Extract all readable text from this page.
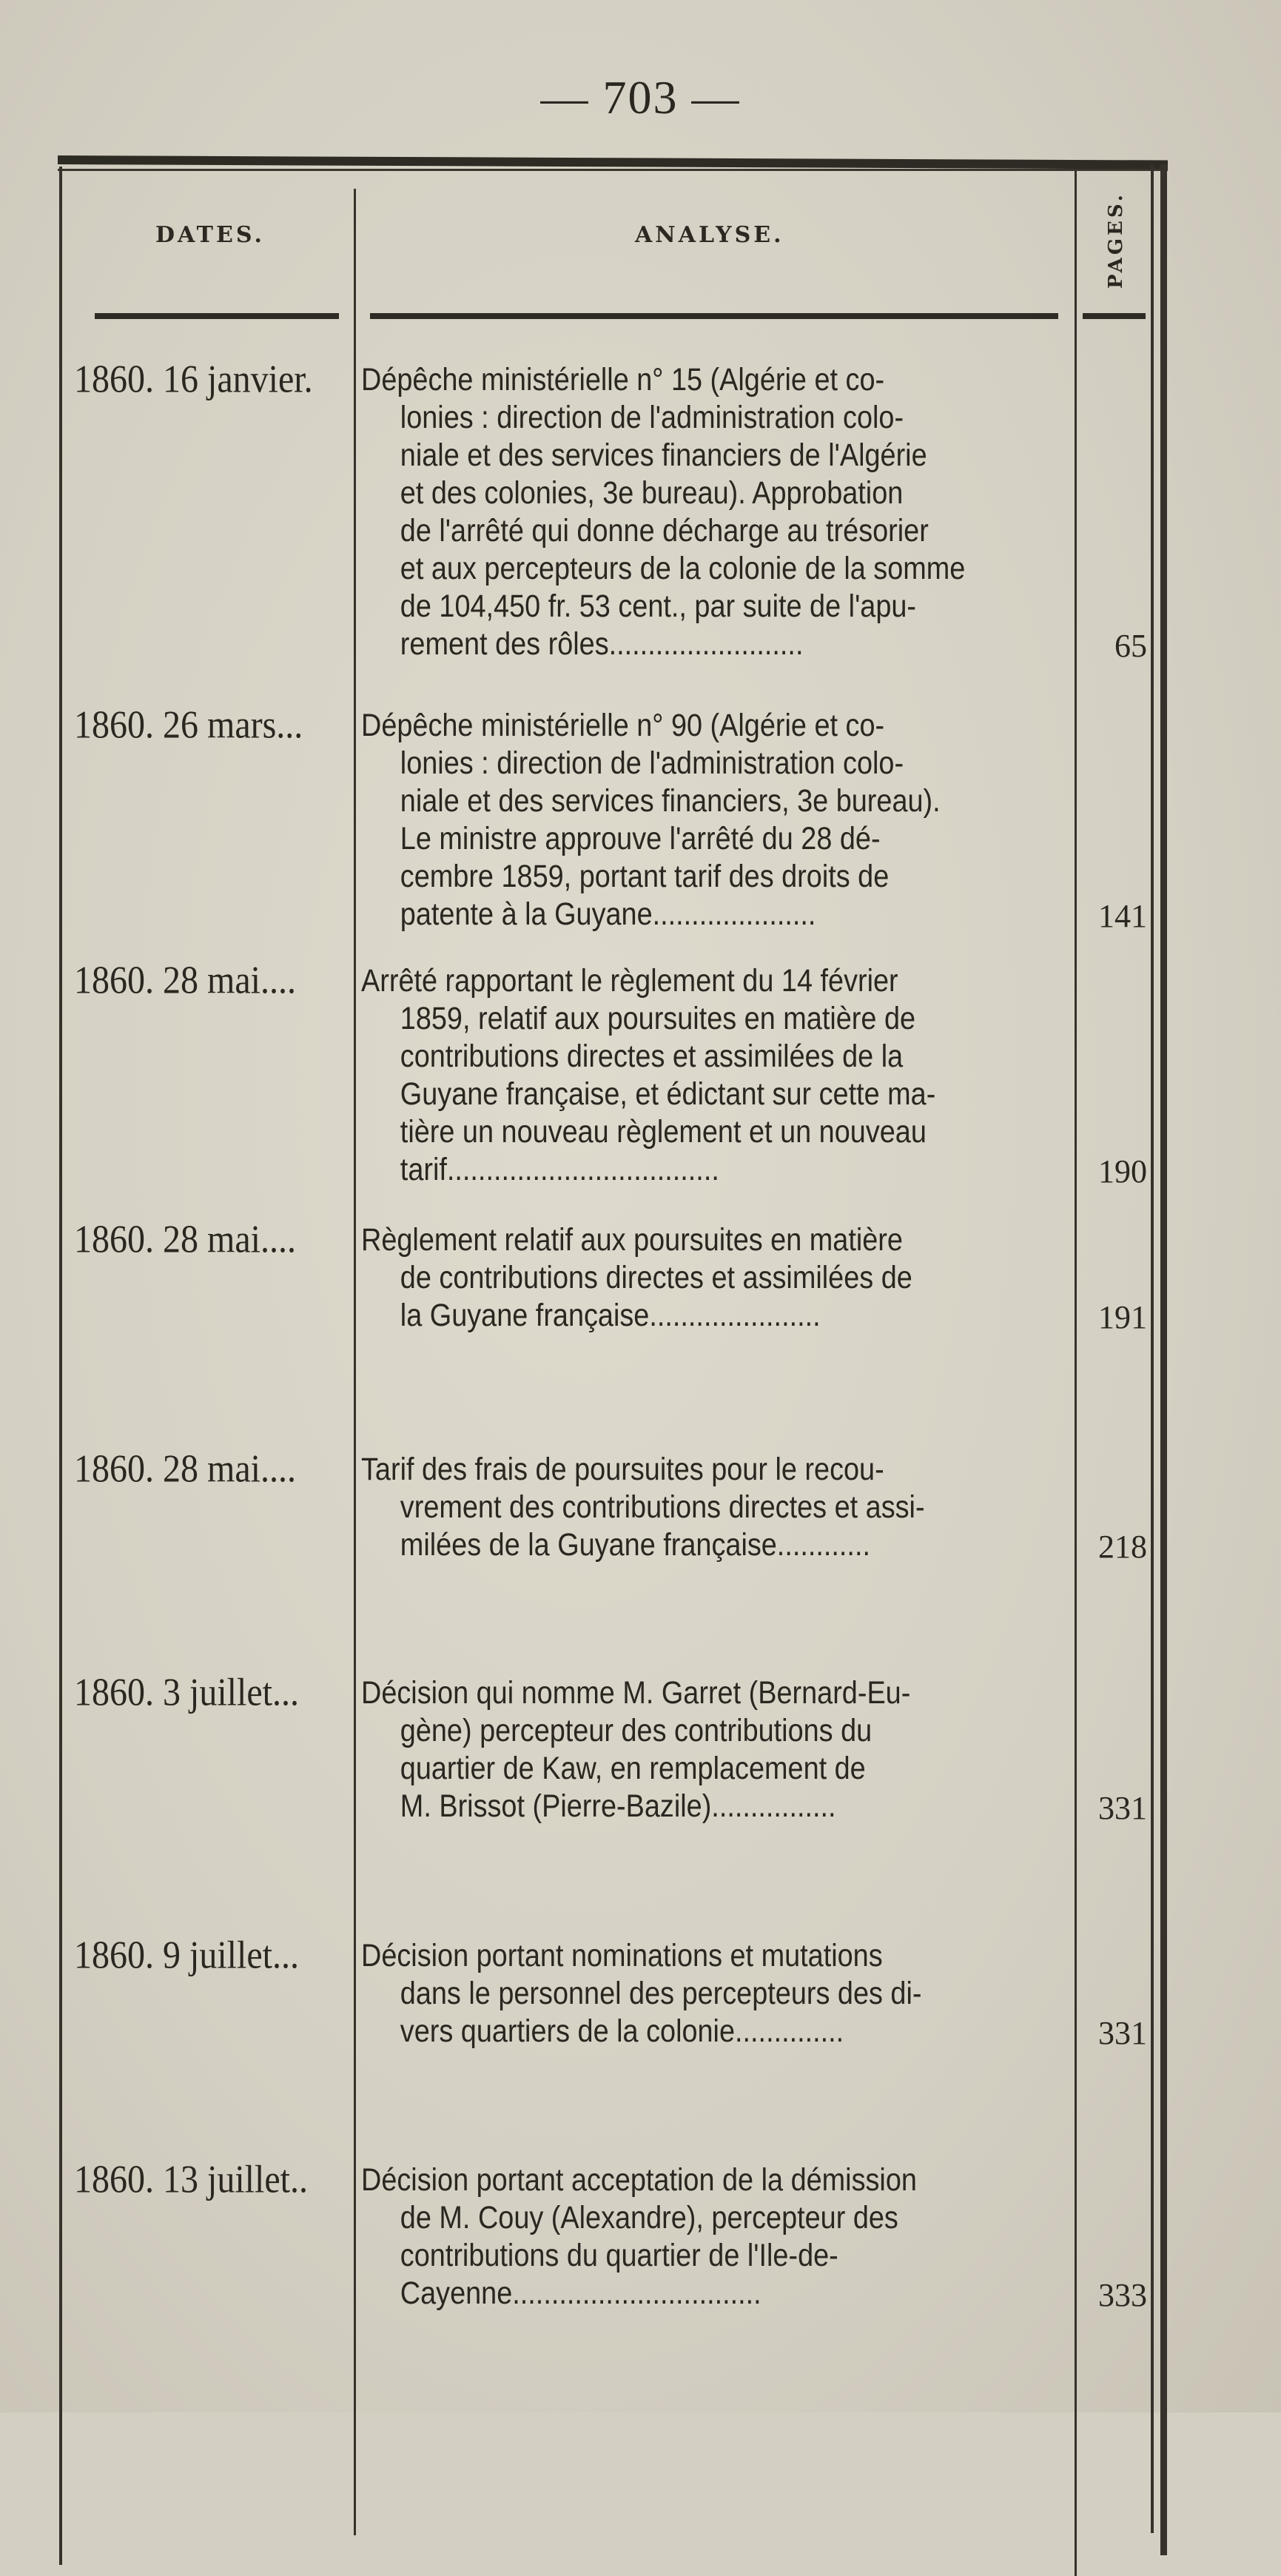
— 703 —
DATES.	ANALYSE.	PAGES.
1860. 16 janvier.	Dépêche ministérielle n° 15 (Algérie et co-
lonies : direction de l'administration colo-
niale et des services financiers de l'Algérie
et des colonies, 3e bureau). Approbation
de l'arrêté qui donne décharge au trésorier
et aux percepteurs de la colonie de la somme
de 104,450 fr. 53 cent., par suite de l'apu-
rement des rôles.........................	65
1860. 26 mars...	Dépêche ministérielle n° 90 (Algérie et co-
lonies : direction de l'administration colo-
niale et des services financiers, 3e bureau).
Le ministre approuve l'arrêté du 28 dé-
cembre 1859, portant tarif des droits de
patente à la Guyane.....................	141
1860. 28 mai....	Arrêté rapportant le règlement du 14 février
1859, relatif aux poursuites en matière de
contributions directes et assimilées de la
Guyane française, et édictant sur cette ma-
tière un nouveau règlement et un nouveau
tarif...................................	190
1860. 28 mai....	Règlement relatif aux poursuites en matière
de contributions directes et assimilées de
la Guyane française......................	191
1860. 28 mai....	Tarif des frais de poursuites pour le recou-
vrement des contributions directes et assi-
milées de la Guyane française............	218
1860. 3 juillet...	Décision qui nomme M. Garret (Bernard-Eu-
gène) percepteur des contributions du
quartier de Kaw, en remplacement de
M. Brissot (Pierre-Bazile)................	331
1860. 9 juillet...	Décision portant nominations et mutations
dans le personnel des percepteurs des di-
vers quartiers de la colonie..............	331
1860. 13 juillet..	Décision portant acceptation de la démission
de M. Couy (Alexandre), percepteur des
contributions du quartier de l'Ile-de-
Cayenne................................	333
